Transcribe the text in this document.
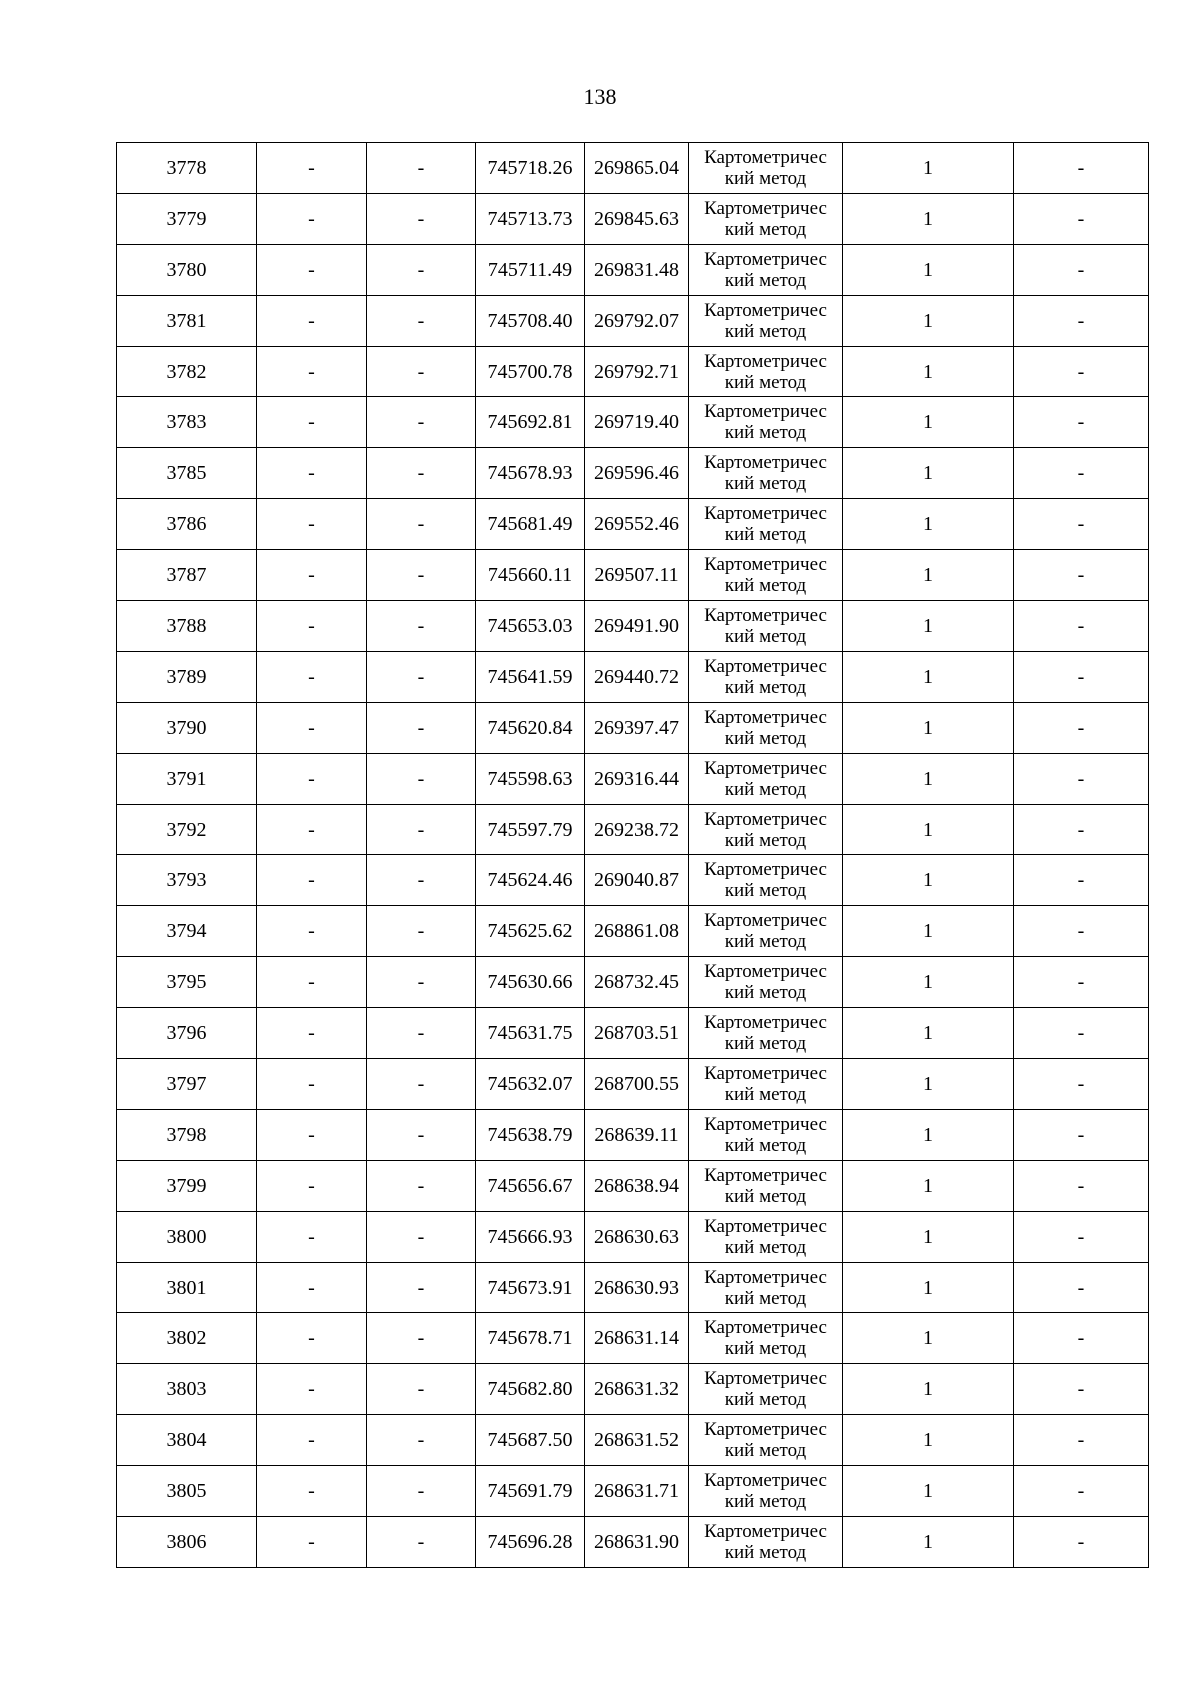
138
3778	-	-	745718.26	269865.04	Картометричес
кий метод	1	-
3779	-	-	745713.73	269845.63	Картометричес
кий метод	1	-
3780	-	-	745711.49	269831.48	Картометричес
кий метод	1	-
3781	-	-	745708.40	269792.07	Картометричес
кий метод	1	-
3782	-	-	745700.78	269792.71	Картометричес
кий метод	1	-
3783	-	-	745692.81	269719.40	Картометричес
кий метод	1	-
3785	-	-	745678.93	269596.46	Картометричес
кий метод	1	-
3786	-	-	745681.49	269552.46	Картометричес
кий метод	1	-
3787	-	-	745660.11	269507.11	Картометричес
кий метод	1	-
3788	-	-	745653.03	269491.90	Картометричес
кий метод	1	-
3789	-	-	745641.59	269440.72	Картометричес
кий метод	1	-
3790	-	-	745620.84	269397.47	Картометричес
кий метод	1	-
3791	-	-	745598.63	269316.44	Картометричес
кий метод	1	-
3792	-	-	745597.79	269238.72	Картометричес
кий метод	1	-
3793	-	-	745624.46	269040.87	Картометричес
кий метод	1	-
3794	-	-	745625.62	268861.08	Картометричес
кий метод	1	-
3795	-	-	745630.66	268732.45	Картометричес
кий метод	1	-
3796	-	-	745631.75	268703.51	Картометричес
кий метод	1	-
3797	-	-	745632.07	268700.55	Картометричес
кий метод	1	-
3798	-	-	745638.79	268639.11	Картометричес
кий метод	1	-
3799	-	-	745656.67	268638.94	Картометричес
кий метод	1	-
3800	-	-	745666.93	268630.63	Картометричес
кий метод	1	-
3801	-	-	745673.91	268630.93	Картометричес
кий метод	1	-
3802	-	-	745678.71	268631.14	Картометричес
кий метод	1	-
3803	-	-	745682.80	268631.32	Картометричес
кий метод	1	-
3804	-	-	745687.50	268631.52	Картометричес
кий метод	1	-
3805	-	-	745691.79	268631.71	Картометричес
кий метод	1	-
3806	-	-	745696.28	268631.90	Картометричес
кий метод	1	-
